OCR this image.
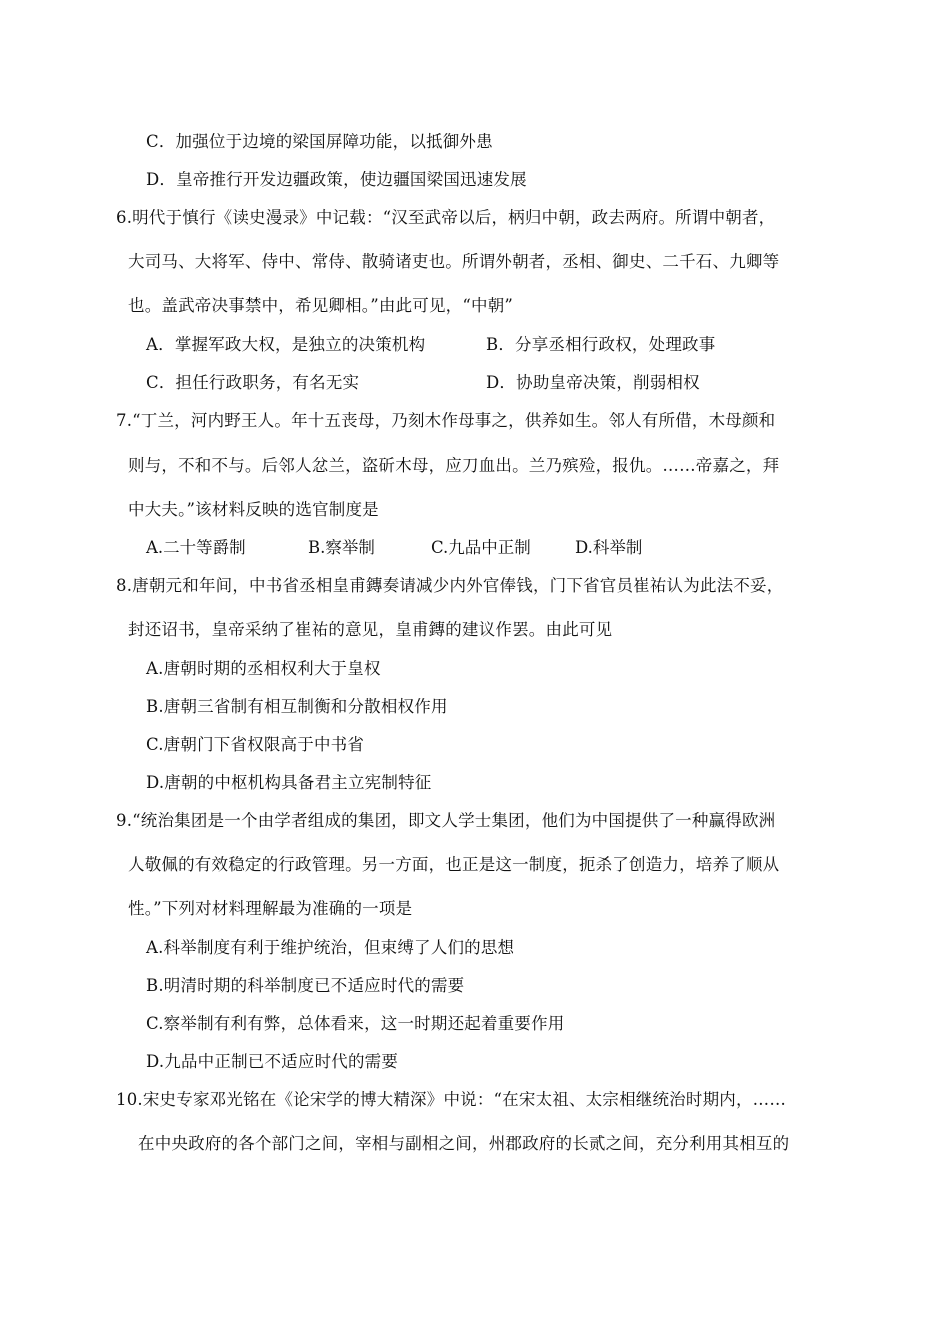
C．加强位于边境的梁国屏障功能，以抵御外患
D．皇帝推行开发边疆政策，使边疆国梁国迅速发展
6.明代于慎行《读史漫录》中记载：“汉至武帝以后，柄归中朝，政去两府。所谓中朝者，
大司马、大将军、侍中、常侍、散骑诸吏也。所谓外朝者，丞相、御史、二千石、九卿等
也。盖武帝决事禁中，希见卿相。”由此可见，“中朝”
A．掌握军政大权，是独立的决策机构	B．分享丞相行政权，处理政事
C．担任行政职务，有名无实	D．协助皇帝决策，削弱相权
7.“丁兰，河内野王人。年十五丧母，乃刻木作母事之，供养如生。邻人有所借，木母颜和
则与，不和不与。后邻人忿兰，盗斫木母，应刀血出。兰乃殡殓，报仇。……帝嘉之，拜
中大夫。”该材料反映的选官制度是
A.二十等爵制	B.察举制	C.九品中正制	D.科举制
8.唐朝元和年间，中书省丞相皇甫鏄奏请减少内外官俸钱，门下省官员崔祐认为此法不妥，
封还诏书，皇帝采纳了崔祐的意见，皇甫鏄的建议作罢。由此可见
A.唐朝时期的丞相权利大于皇权
B.唐朝三省制有相互制衡和分散相权作用
C.唐朝门下省权限高于中书省
D.唐朝的中枢机构具备君主立宪制特征
9.“统治集团是一个由学者组成的集团，即文人学士集团，他们为中国提供了一种赢得欧洲
人敬佩的有效稳定的行政管理。另一方面，也正是这一制度，扼杀了创造力，培养了顺从
性。”下列对材料理解最为准确的一项是
A.科举制度有利于维护统治，但束缚了人们的思想
B.明清时期的科举制度已不适应时代的需要
C.察举制有利有弊，总体看来，这一时期还起着重要作用
D.九品中正制已不适应时代的需要
10.宋史专家邓光铭在《论宋学的博大精深》中说：“在宋太祖、太宗相继统治时期内，……
在中央政府的各个部门之间，宰相与副相之间，州郡政府的长贰之间，充分利用其相互的
